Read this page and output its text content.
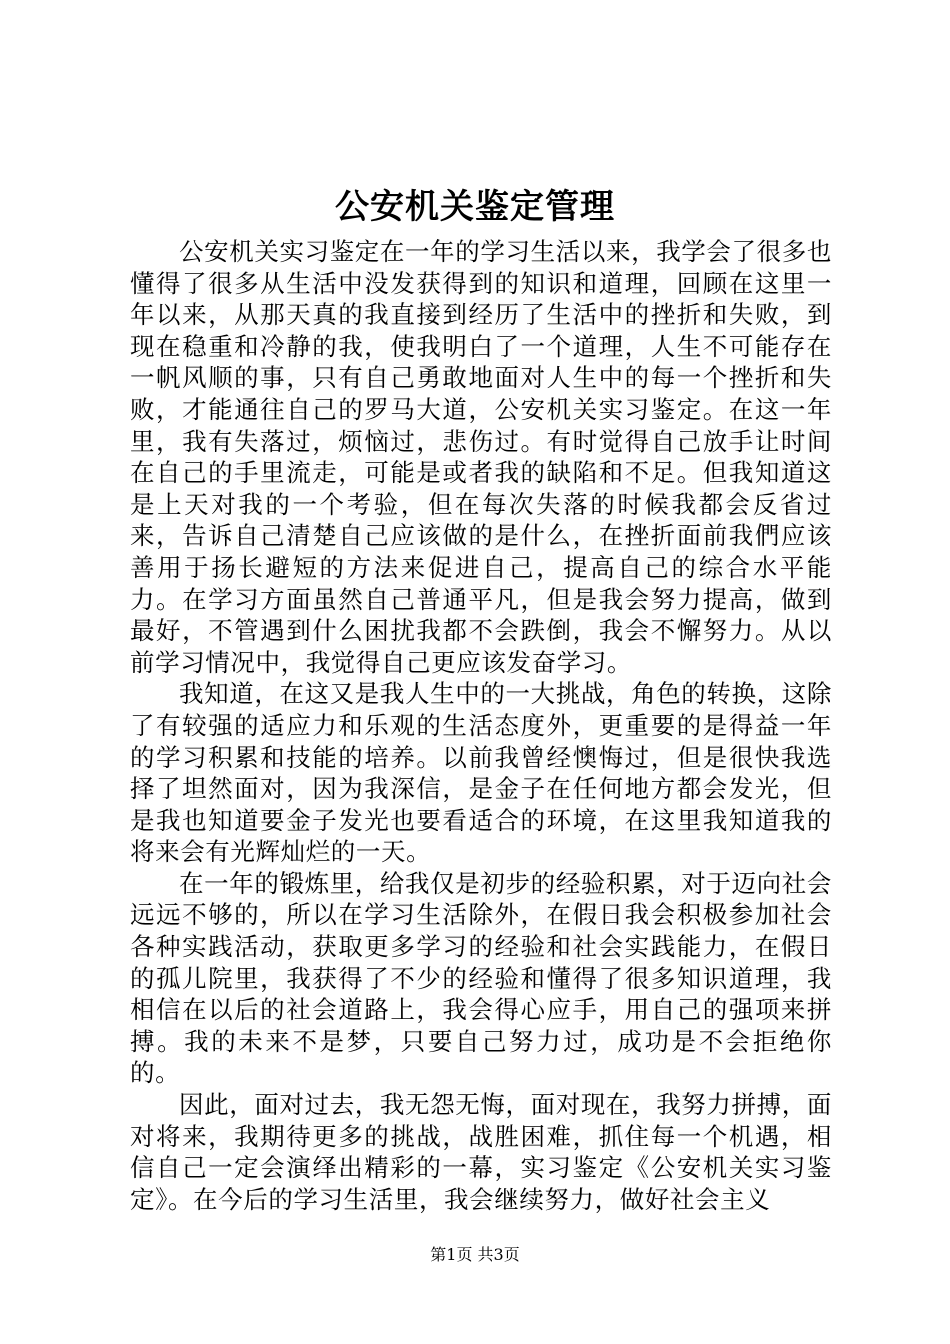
公安机关鉴定管理

公安机关实习鉴定在一年的学习生活以来，我学会了很多也懂得了很多从生活中没发获得到的知识和道理，回顾在这里一年以来，从那天真的我直接到经历了生活中的挫折和失败，到现在稳重和冷静的我，使我明白了一个道理，人生不可能存在一帆风顺的事，只有自己勇敢地面对人生中的每一个挫折和失败，才能通往自己的罗马大道，公安机关实习鉴定。在这一年里，我有失落过，烦恼过，悲伤过。有时觉得自己放手让时间在自己的手里流走，可能是或者我的缺陷和不足。但我知道这是上天对我的一个考验，但在每次失落的时候我都会反省过来，告诉自己清楚自己应该做的是什么，在挫折面前我們应该善用于扬长避短的方法来促进自己，提高自己的综合水平能力。在学习方面虽然自己普通平凡，但是我会努力提高，做到最好，不管遇到什么困扰我都不会跌倒，我会不懈努力。从以前学习情况中，我觉得自己更应该发奋学习。

我知道，在这又是我人生中的一大挑战，角色的转换，这除了有较强的适应力和乐观的生活态度外，更重要的是得益一年的学习积累和技能的培养。以前我曾经懊悔过，但是很快我选择了坦然面对，因为我深信，是金子在任何地方都会发光，但是我也知道要金子发光也要看适合的环境，在这里我知道我的将来会有光辉灿烂的一天。

在一年的锻炼里，给我仅是初步的经验积累，对于迈向社会远远不够的，所以在学习生活除外，在假日我会积极参加社会各种实践活动，获取更多学习的经验和社会实践能力，在假日的孤儿院里，我获得了不少的经验和懂得了很多知识道理，我相信在以后的社会道路上，我会得心应手，用自己的强项来拼搏。我的未来不是梦，只要自己努力过，成功是不会拒绝你的。

因此，面对过去，我无怨无悔，面对现在，我努力拼搏，面对将来，我期待更多的挑战，战胜困难，抓住每一个机遇，相信自己一定会演绎出精彩的一幕，实习鉴定《公安机关实习鉴定》。在今后的学习生活里，我会继续努力，做好社会主义

第1页 共3页
